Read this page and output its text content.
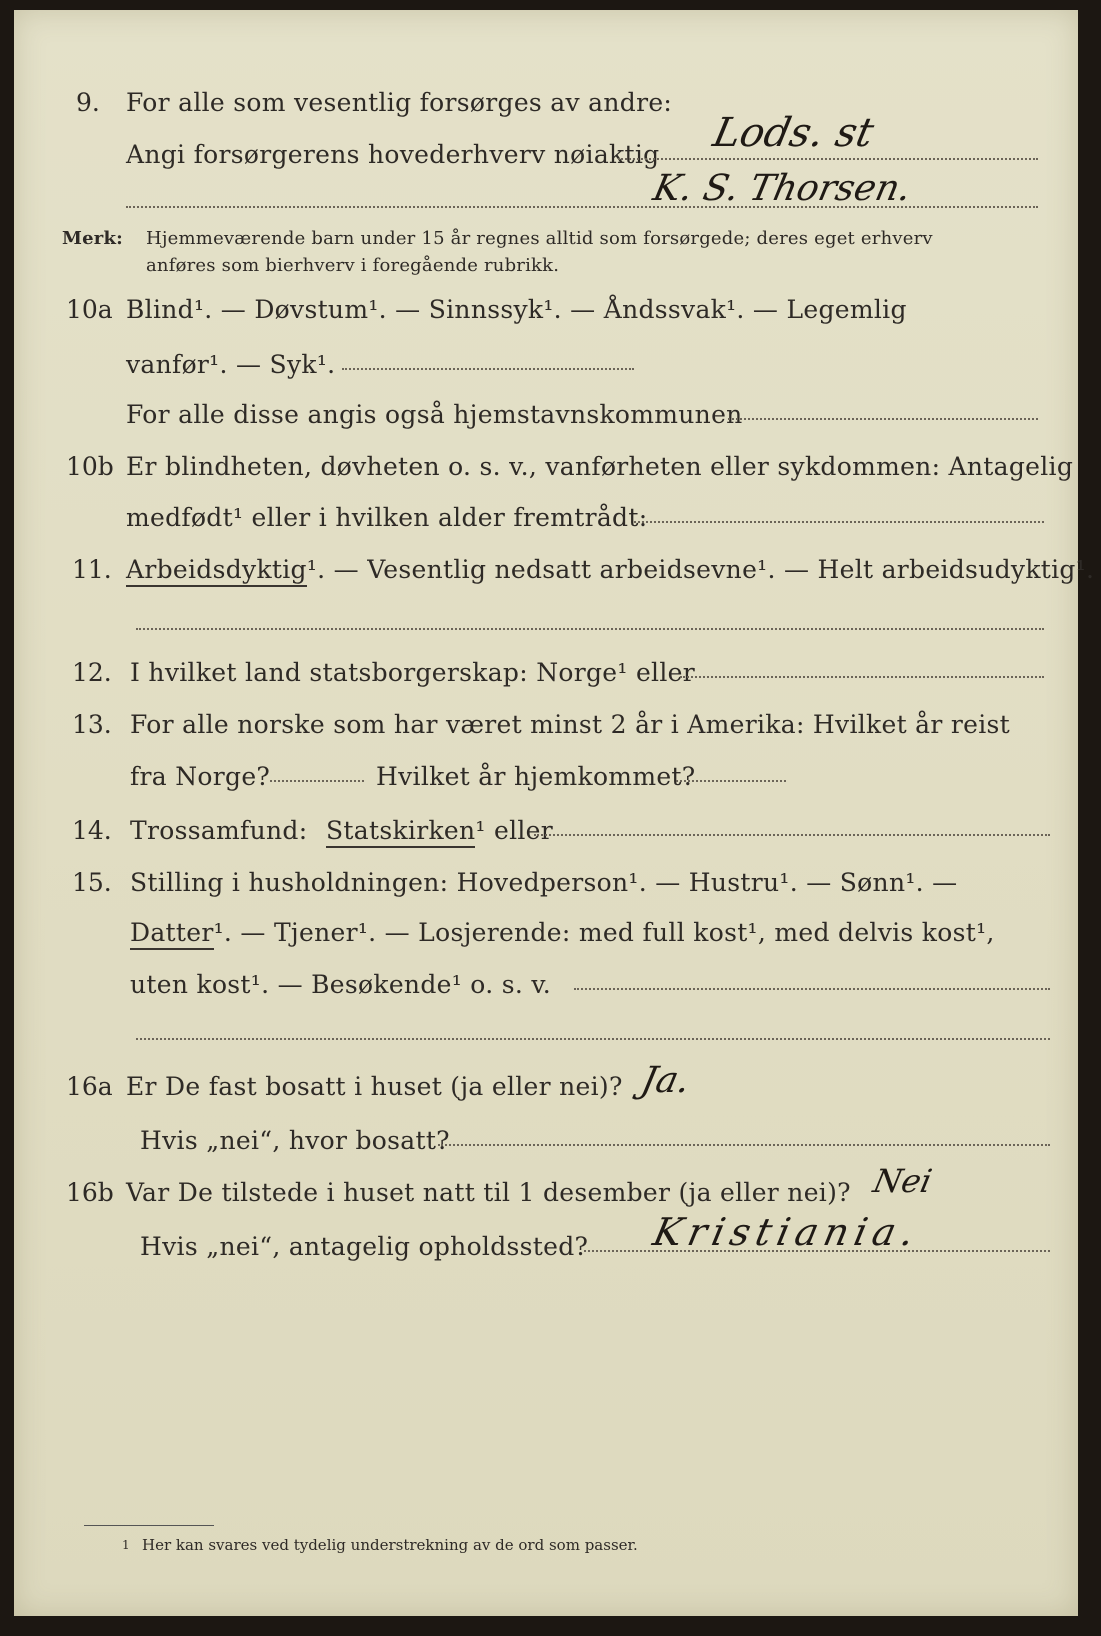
9. For alle som vesentlig forsørges av andre:
Angi forsørgerens hovederhverv nøiaktig Lods. st
K. S. Thorsen.
Merk: Hjemmeværende barn under 15 år regnes alltid som forsørgede; deres eget erhverv
anføres som bierhverv i foregående rubrikk.
10a Blind¹. — Døvstum¹. — Sinnssyk¹. — Åndssvak¹. — Legemlig
vanfør¹. — Syk¹.
For alle disse angis også hjemstavnskommunen
10b Er blindheten, døvheten o. s. v., vanførheten eller sykdommen: Antagelig
medfødt¹ eller i hvilken alder fremtrådt:
11. Arbeidsdyktig¹. — Vesentlig nedsatt arbeidsevne¹. — Helt arbeidsudyktig¹.
12. I hvilket land statsborgerskap: Norge¹ eller
13. For alle norske som har været minst 2 år i Amerika: Hvilket år reist
fra Norge?	Hvilket år hjemkommet?
14. Trossamfund: Statskirken¹ eller
15. Stilling i husholdningen: Hovedperson¹. — Hustru¹. — Sønn¹. —
Datter¹. — Tjener¹. — Losjerende: med full kost¹, med delvis kost¹,
uten kost¹. — Besøkende¹ o. s. v.
16a Er De fast bosatt i huset (ja eller nei)? Ja.
Hvis „nei“, hvor bosatt?
16b Var De tilstede i huset natt til 1 desember (ja eller nei)? Nei
Hvis „nei“, antagelig opholdssted? Kristiania.
1 Her kan svares ved tydelig understrekning av de ord som passer.
